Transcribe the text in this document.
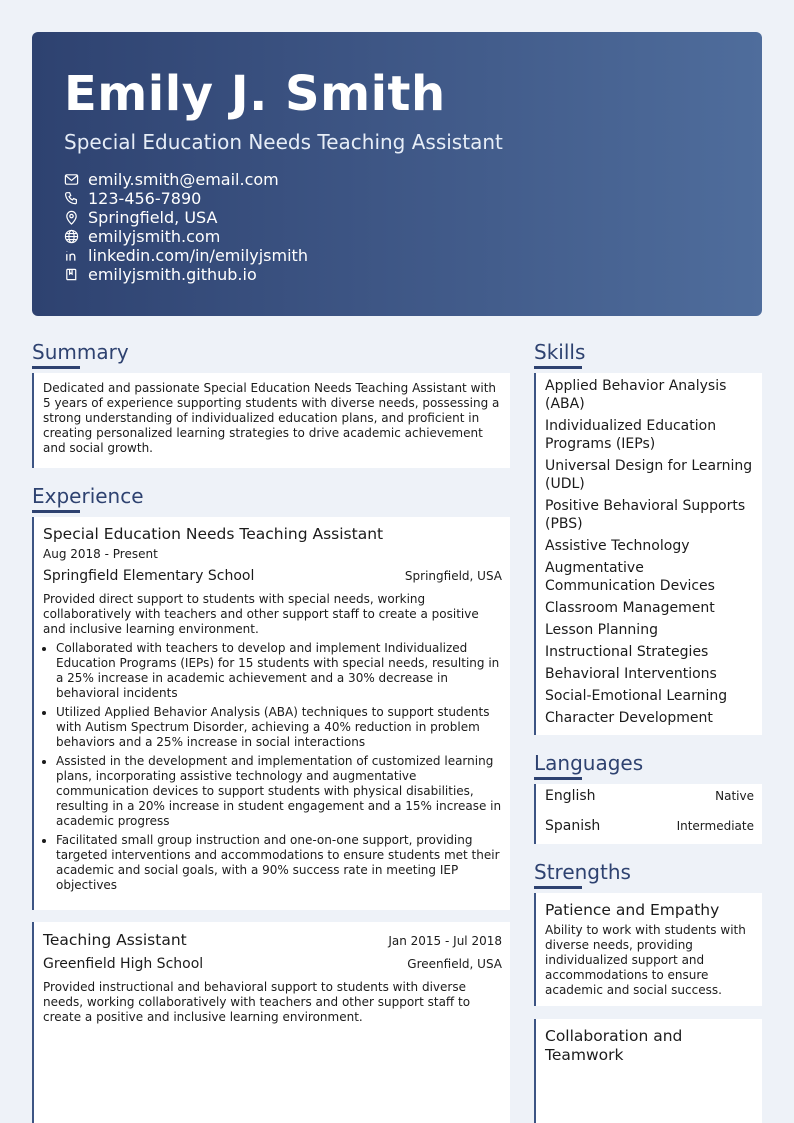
Emily J. Smith
Special Education Needs Teaching Assistant
emily.smith@email.com
123-456-7890
Springfield, USA
emilyjsmith.com
linkedin.com/in/emilyjsmith
emilyjsmith.github.io
Summary
Dedicated and passionate Special Education Needs Teaching Assistant with 5 years of experience supporting students with diverse needs, possessing a strong understanding of individualized education plans, and proficient in creating personalized learning strategies to drive academic achievement and social growth.
Experience
Special Education Needs Teaching Assistant
Aug 2018 - Present
Springfield Elementary School	Springfield, USA
Provided direct support to students with special needs, working collaboratively with teachers and other support staff to create a positive and inclusive learning environment.
• Collaborated with teachers to develop and implement Individualized Education Programs (IEPs) for 15 students with special needs, resulting in a 25% increase in academic achievement and a 30% decrease in behavioral incidents
• Utilized Applied Behavior Analysis (ABA) techniques to support students with Autism Spectrum Disorder, achieving a 40% reduction in problem behaviors and a 25% increase in social interactions
• Assisted in the development and implementation of customized learning plans, incorporating assistive technology and augmentative communication devices to support students with physical disabilities, resulting in a 20% increase in student engagement and a 15% increase in academic progress
• Facilitated small group instruction and one-on-one support, providing targeted interventions and accommodations to ensure students met their academic and social goals, with a 90% success rate in meeting IEP objectives
Teaching Assistant	Jan 2015 - Jul 2018
Greenfield High School	Greenfield, USA
Provided instructional and behavioral support to students with diverse needs, working collaboratively with teachers and other support staff to create a positive and inclusive learning environment.
Skills
Applied Behavior Analysis (ABA)
Individualized Education Programs (IEPs)
Universal Design for Learning (UDL)
Positive Behavioral Supports (PBS)
Assistive Technology
Augmentative Communication Devices
Classroom Management
Lesson Planning
Instructional Strategies
Behavioral Interventions
Social-Emotional Learning
Character Development
Languages
English	Native
Spanish	Intermediate
Strengths
Patience and Empathy
Ability to work with students with diverse needs, providing individualized support and accommodations to ensure academic and social success.
Collaboration and Teamwork
